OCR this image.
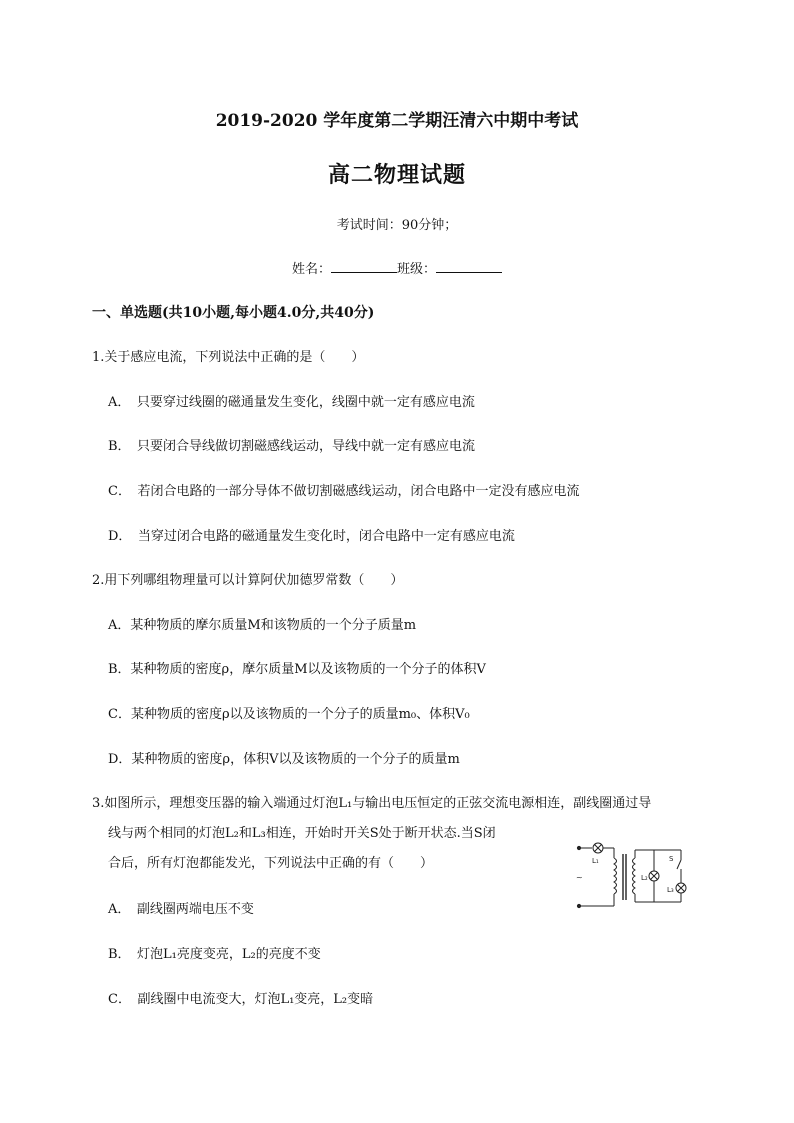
2019-2020 学年度第二学期汪清六中期中考试
高二物理试题
考试时间：90分钟；
姓名：	班级：
一、单选题(共10小题,每小题4.0分,共40分)
1.关于感应电流，下列说法中正确的是（　　）
A．　只要穿过线圈的磁通量发生变化，线圈中就一定有感应电流
B．　只要闭合导线做切割磁感线运动，导线中就一定有感应电流
C．　若闭合电路的一部分导体不做切割磁感线运动，闭合电路中一定没有感应电流
D．　当穿过闭合电路的磁通量发生变化时，闭合电路中一定有感应电流
2.用下列哪组物理量可以计算阿伏加德罗常数（　　）
A．某种物质的摩尔质量M和该物质的一个分子质量m
B．某种物质的密度ρ，摩尔质量M以及该物质的一个分子的体积V
C．某种物质的密度ρ以及该物质的一个分子的质量m₀、体积V₀
D．某种物质的密度ρ，体积V以及该物质的一个分子的质量m
3.如图所示，理想变压器的输入端通过灯泡L₁与输出电压恒定的正弦交流电源相连，副线圈通过导
线与两个相同的灯泡L₂和L₃相连，开始时开关S处于断开状态.当S闭
合后，所有灯泡都能发光，下列说法中正确的有（　　）
A．　副线圈两端电压不变
B．　灯泡L₁亮度变亮，L₂的亮度不变
C．　副线圈中电流变大，灯泡L₁变亮，L₂变暗
L₁
~	L₂
S
L₃
